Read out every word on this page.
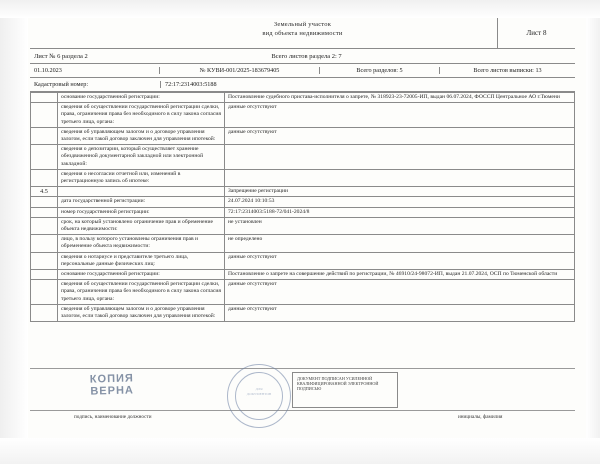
Земельный участок
вид объекта недвижимости	Лист 8
Лист № 6 раздела 2	Всего листов раздела 2: 7
01.10.2023	№ КУВИ-001/2025-183679405	Всего разделов: 5	Всего листов выписки: 13
Кадастровый номер:	72:17:2314003:5188
	основание государственной регистрации:	Постановление судебного пристава-исполнителя о запрете, № 318923-23-72005-ИП, выдан 06.07.2024, ФОССП Центральное АО г.Тюмени
	сведения об осуществлении государственной регистрации сделки, права, ограничения права без необходимого в силу закона согласия третьего лица, органа:	данные отсутствуют
	сведения об управляющем залогом и о договоре управления залогом, если такой договор заключен для управления ипотекой:	данные отсутствуют
	сведения о депозитарии, который осуществляет хранение обездвиженной документарной закладной или электронной закладной:	
	сведения о несогласии отчетной или, изменений в регистрационную запись об ипотеке:	
4.5		Запрещение регистрации
	дата государственной регистрации:	24.07.2024 10:10:53
	номер государственной регистрации:	72:17:2314003:5188-72/041-2024/8
	срок, на который установлено ограничение прав и обременение объекта недвижимости:	не установлен
	лицо, в пользу которого установлены ограничения прав и обременение объекта недвижимости:	не определено
	сведения о нотариусе и представителе третьего лица, персональные данные физических лиц:	данные отсутствуют
	основание государственной регистрации:	Постановление о запрете на совершение действий по регистрации, № 46910/24-98072-ИП, выдан 21.07.2024, ОСП по Тюменской области
	сведения об осуществлении государственной регистрации сделки, права, ограничения права без необходимого в силу закона согласия третьего лица, органа:	данные отсутствуют
	сведения об управляющем залогом и о договоре управления залогом, если такой договор заключен для управления ипотекой:	данные отсутствуют
КОПИЯ
ВЕРНА	ДЛЯ ДОКУМЕНТОВ
ДОКУМЕНТ ПОДПИСАН УСИЛЕННОЙ КВАЛИФИЦИРОВАННОЙ ЭЛЕКТРОННОЙ ПОДПИСЬЮ
подпись, наименование должности	инициалы, фамилия
